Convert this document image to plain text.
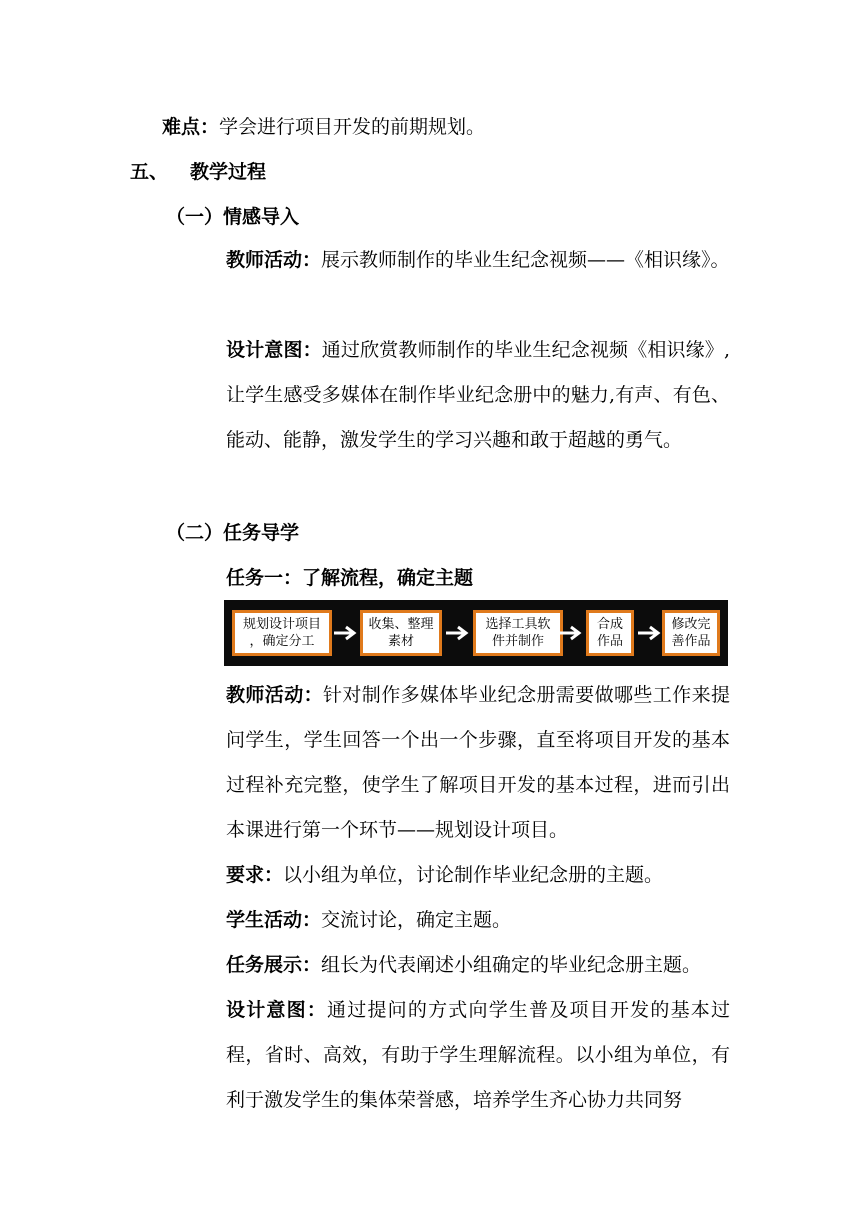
难点：学会进行项目开发的前期规划。
五、 教学过程
（一）情感导入
教师活动：展示教师制作的毕业生纪念视频——《相识缘》。
设计意图：通过欣赏教师制作的毕业生纪念视频《相识缘》,让学生感受多媒体在制作毕业纪念册中的魅力,有声、有色、能动、能静，激发学生的学习兴趣和敢于超越的勇气。
（二）任务导学
任务一：了解流程，确定主题
规划设计项目
，确定分工
收集、整理
素材
选择工具软
件并制作
合成
作品
修改完
善作品
教师活动：针对制作多媒体毕业纪念册需要做哪些工作来提问学生，学生回答一个出一个步骤，直至将项目开发的基本过程补充完整，使学生了解项目开发的基本过程，进而引出本课进行第一个环节——规划设计项目。
要求：以小组为单位，讨论制作毕业纪念册的主题。
学生活动：交流讨论，确定主题。
任务展示：组长为代表阐述小组确定的毕业纪念册主题。
设计意图：通过提问的方式向学生普及项目开发的基本过程，省时、高效，有助于学生理解流程。以小组为单位，有利于激发学生的集体荣誉感，培养学生齐心协力共同努
